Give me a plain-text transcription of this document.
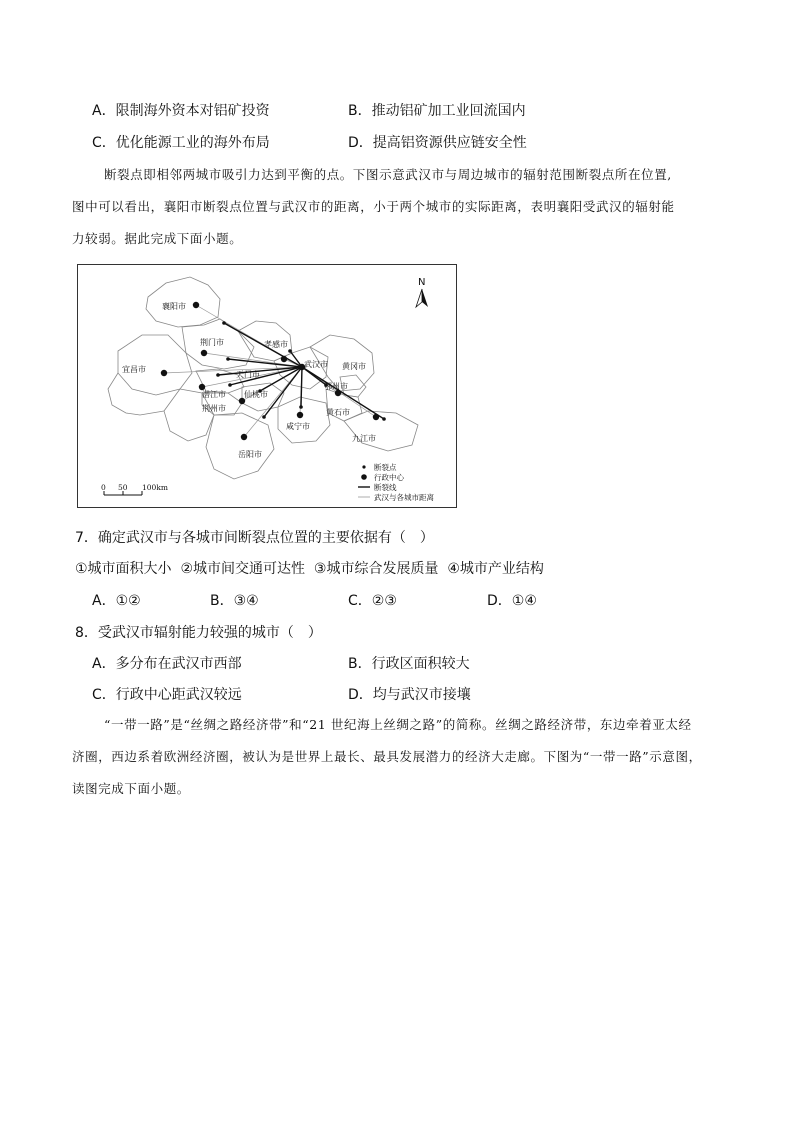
A．限制海外资本对铝矿投资	B．推动铝矿加工业回流国内
C．优化能源工业的海外布局	D．提高铝资源供应链安全性

断裂点即相邻两城市吸引力达到平衡的点。下图示意武汉市与周边城市的辐射范围断裂点所在位置,

图中可以看出，襄阳市断裂点位置与武汉市的距离，小于两个城市的实际距离，表明襄阳受武汉的辐射能

力较弱。据此完成下面小题。

襄阳市
荆门市	孝感市
宜昌市
武汉市 黄冈市
天门市
鄂州市
潜江市 仙桃市
荆州市	黄石市
咸宁市
九江市
岳阳市
N
0 50 100km
断裂点
行政中心
断裂线
武汉与各城市距离
7．确定武汉市与各城市间断裂点位置的主要依据有（　）
①城市面积大小  ②城市间交通可达性  ③城市综合发展质量  ④城市产业结构
A．①②	B．③④	C．②③	D．①④
8．受武汉市辐射能力较强的城市（　）
A．多分布在武汉市西部	B．行政区面积较大
C．行政中心距武汉较远	D．均与武汉市接壤

“一带一路”是“丝绸之路经济带”和“21 世纪海上丝绸之路”的简称。丝绸之路经济带，东边牵着亚太经

济圈，西边系着欧洲经济圈，被认为是世界上最长、最具发展潜力的经济大走廊。下图为“一带一路”示意图，

读图完成下面小题。
